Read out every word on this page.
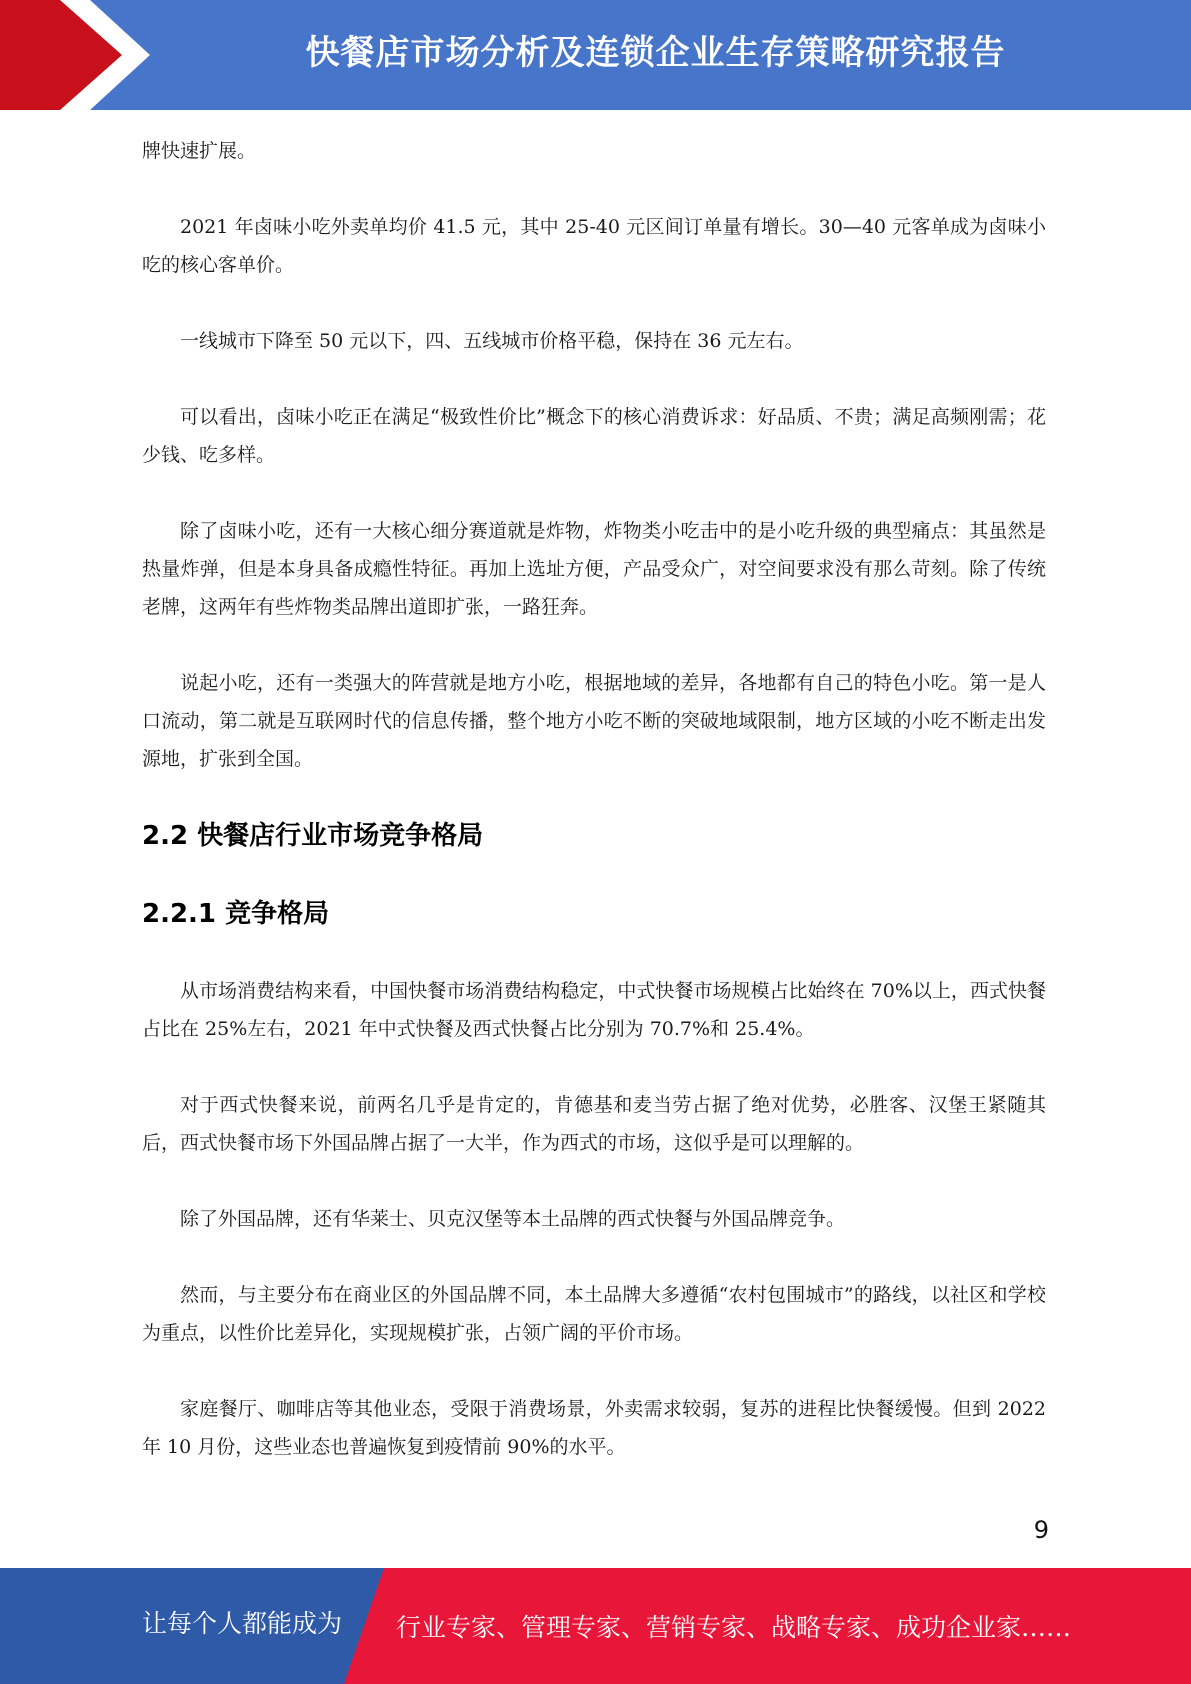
快餐店市场分析及连锁企业生存策略研究报告

牌快速扩展。

2021 年卤味小吃外卖单均价 41.5 元，其中 25-40 元区间订单量有增长。30—40 元客单成为卤味小吃的核心客单价。

一线城市下降至 50 元以下，四、五线城市价格平稳，保持在 36 元左右。

可以看出，卤味小吃正在满足“极致性价比”概念下的核心消费诉求：好品质、不贵；满足高频刚需；花少钱、吃多样。

除了卤味小吃，还有一大核心细分赛道就是炸物，炸物类小吃击中的是小吃升级的典型痛点：其虽然是热量炸弹，但是本身具备成瘾性特征。再加上选址方便，产品受众广，对空间要求没有那么苛刻。除了传统老牌，这两年有些炸物类品牌出道即扩张，一路狂奔。

说起小吃，还有一类强大的阵营就是地方小吃，根据地域的差异，各地都有自己的特色小吃。第一是人口流动，第二就是互联网时代的信息传播，整个地方小吃不断的突破地域限制，地方区域的小吃不断走出发源地，扩张到全国。

2.2 快餐店行业市场竞争格局
2.2.1 竞争格局

从市场消费结构来看，中国快餐市场消费结构稳定，中式快餐市场规模占比始终在 70%以上，西式快餐占比在 25%左右，2021 年中式快餐及西式快餐占比分别为 70.7%和 25.4%。

对于西式快餐来说，前两名几乎是肯定的，肯德基和麦当劳占据了绝对优势，必胜客、汉堡王紧随其后，西式快餐市场下外国品牌占据了一大半，作为西式的市场，这似乎是可以理解的。

除了外国品牌，还有华莱士、贝克汉堡等本土品牌的西式快餐与外国品牌竞争。

然而，与主要分布在商业区的外国品牌不同，本土品牌大多遵循“农村包围城市”的路线，以社区和学校为重点，以性价比差异化，实现规模扩张，占领广阔的平价市场。

家庭餐厅、咖啡店等其他业态，受限于消费场景，外卖需求较弱，复苏的进程比快餐缓慢。但到 2022 年 10 月份，这些业态也普遍恢复到疫情前 90%的水平。

9
让每个人都能成为 行业专家、管理专家、营销专家、战略专家、成功企业家……
